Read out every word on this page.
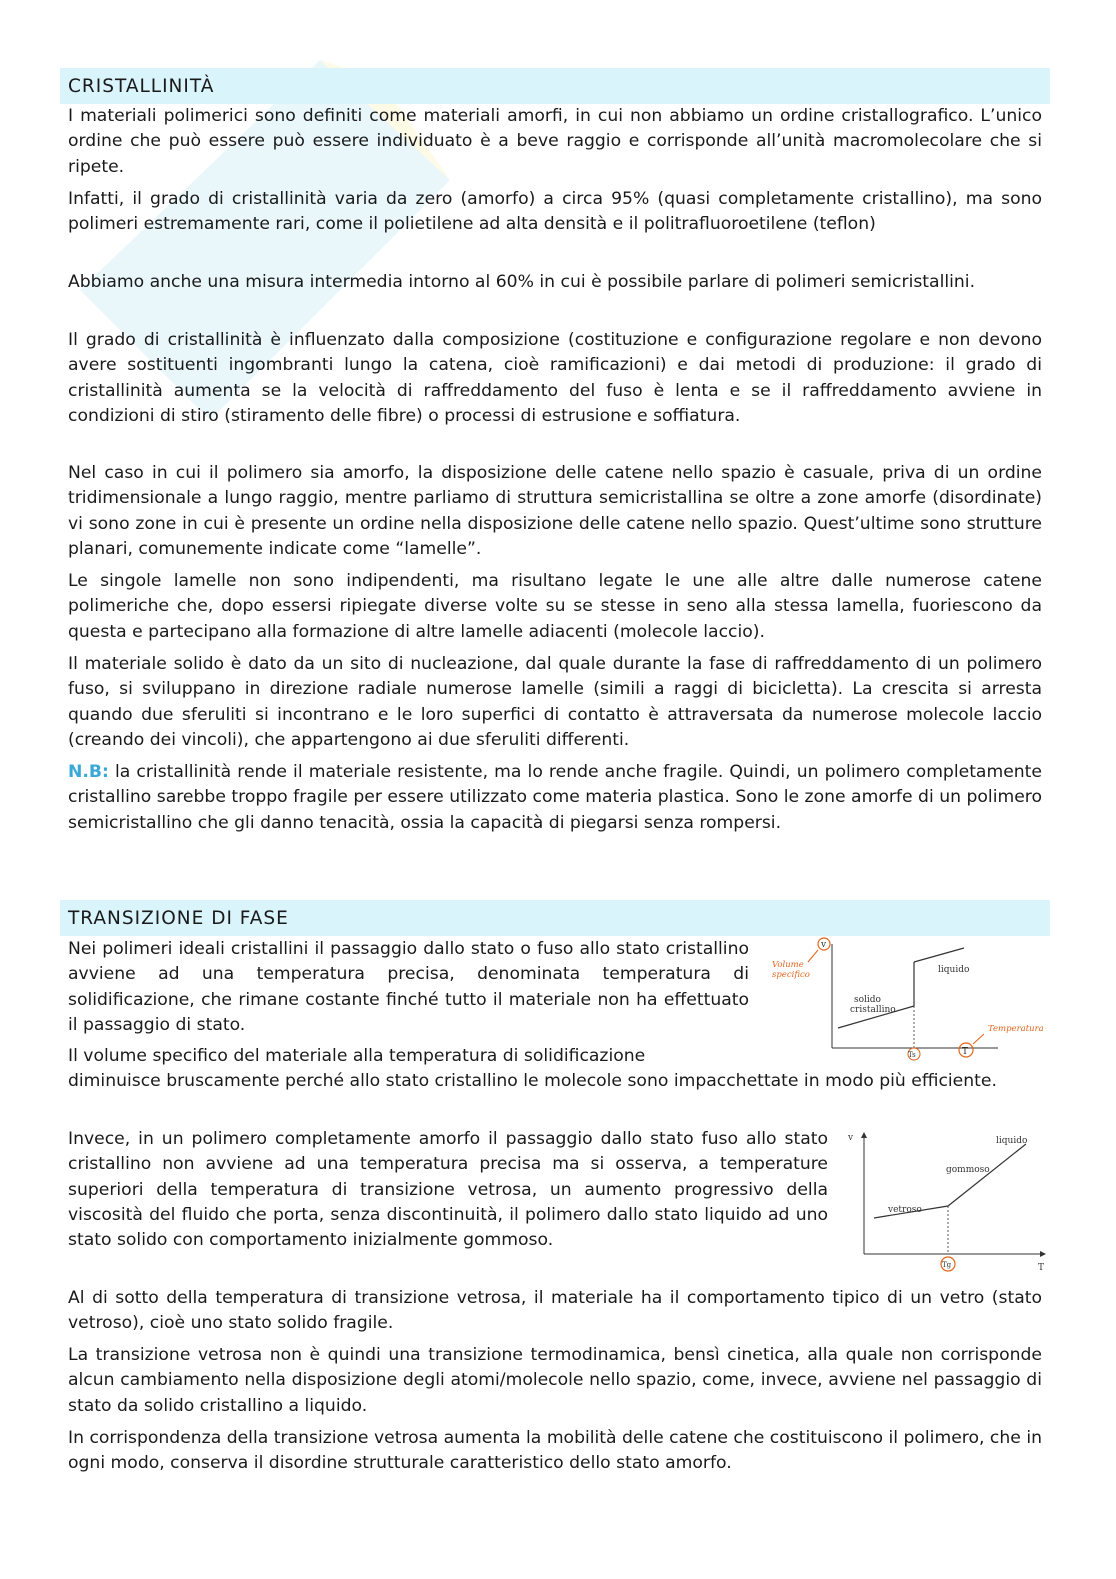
CRISTALLINITÀ

I materiali polimerici sono definiti come materiali amorfi, in cui non abbiamo un ordine cristallografico. L’unico ordine che può essere può essere individuato è a beve raggio e corrisponde all’unità macromolecolare che si ripete.

Infatti, il grado di cristallinità varia da zero (amorfo) a circa 95% (quasi completamente cristallino), ma sono polimeri estremamente rari, come il polietilene ad alta densità e il politrafluoroetilene (teflon)

Abbiamo anche una misura intermedia intorno al 60% in cui è possibile parlare di polimeri semicristallini.

Il grado di cristallinità è influenzato dalla composizione (costituzione e configurazione regolare e non devono avere sostituenti ingombranti lungo la catena, cioè ramificazioni) e dai metodi di produzione: il grado di cristallinità aumenta se la velocità di raffreddamento del fuso è lenta e se il raffreddamento avviene in condizioni di stiro (stiramento delle fibre) o processi di estrusione e soffiatura.

Nel caso in cui il polimero sia amorfo, la disposizione delle catene nello spazio è casuale, priva di un ordine tridimensionale a lungo raggio, mentre parliamo di struttura semicristallina se oltre a zone amorfe (disordinate) vi sono zone in cui è presente un ordine nella disposizione delle catene nello spazio. Quest’ultime sono strutture planari, comunemente indicate come “lamelle”.

Le singole lamelle non sono indipendenti, ma risultano legate le une alle altre dalle numerose catene polimeriche che, dopo essersi ripiegate diverse volte su se stesse in seno alla stessa lamella, fuoriescono da questa e partecipano alla formazione di altre lamelle adiacenti (molecole laccio).

Il materiale solido è dato da un sito di nucleazione, dal quale durante la fase di raffreddamento di un polimero fuso, si sviluppano in direzione radiale numerose lamelle (simili a raggi di bicicletta). La crescita si arresta quando due sferuliti si incontrano e le loro superfici di contatto è attraversata da numerose molecole laccio (creando dei vincoli), che appartengono ai due sferuliti differenti.

N.B: la cristallinità rende il materiale resistente, ma lo rende anche fragile. Quindi, un polimero completamente cristallino sarebbe troppo fragile per essere utilizzato come materia plastica. Sono le zone amorfe di un polimero semicristallino che gli danno tenacità, ossia la capacità di piegarsi senza rompersi.

TRANSIZIONE DI FASE

Nei polimeri ideali cristallini il passaggio dallo stato o fuso allo stato cristallino avviene ad una temperatura precisa, denominata temperatura di solidificazione, che rimane costante finché tutto il materiale non ha effettuato il passaggio di stato.

Il volume specifico del materiale alla temperatura di solidificazione

diminuisce bruscamente perché allo stato cristallino le molecole sono impacchettate in modo più efficiente.

Invece, in un polimero completamente amorfo il passaggio dallo stato fuso allo stato cristallino non avviene ad una temperatura precisa ma si osserva, a temperature superiori della temperatura di transizione vetrosa, un aumento progressivo della viscosità del fluido che porta, senza discontinuità, il polimero dallo stato liquido ad uno stato solido con comportamento inizialmente gommoso.

Al di sotto della temperatura di transizione vetrosa, il materiale ha il comportamento tipico di un vetro (stato vetroso), cioè uno stato solido fragile.

La transizione vetrosa non è quindi una transizione termodinamica, bensì cinetica, alla quale non corrisponde alcun cambiamento nella disposizione degli atomi/molecole nello spazio, come, invece, avviene nel passaggio di stato da solido cristallino a liquido.

In corrispondenza della transizione vetrosa aumenta la mobilità delle catene che costituiscono il polimero, che in ogni modo, conserva il disordine strutturale caratteristico dello stato amorfo.

v
Volume
specifico	liquido
solido
cristallino
T
Temperatura
Ts
v
T
liquido
gommoso
vetroso
Tg
